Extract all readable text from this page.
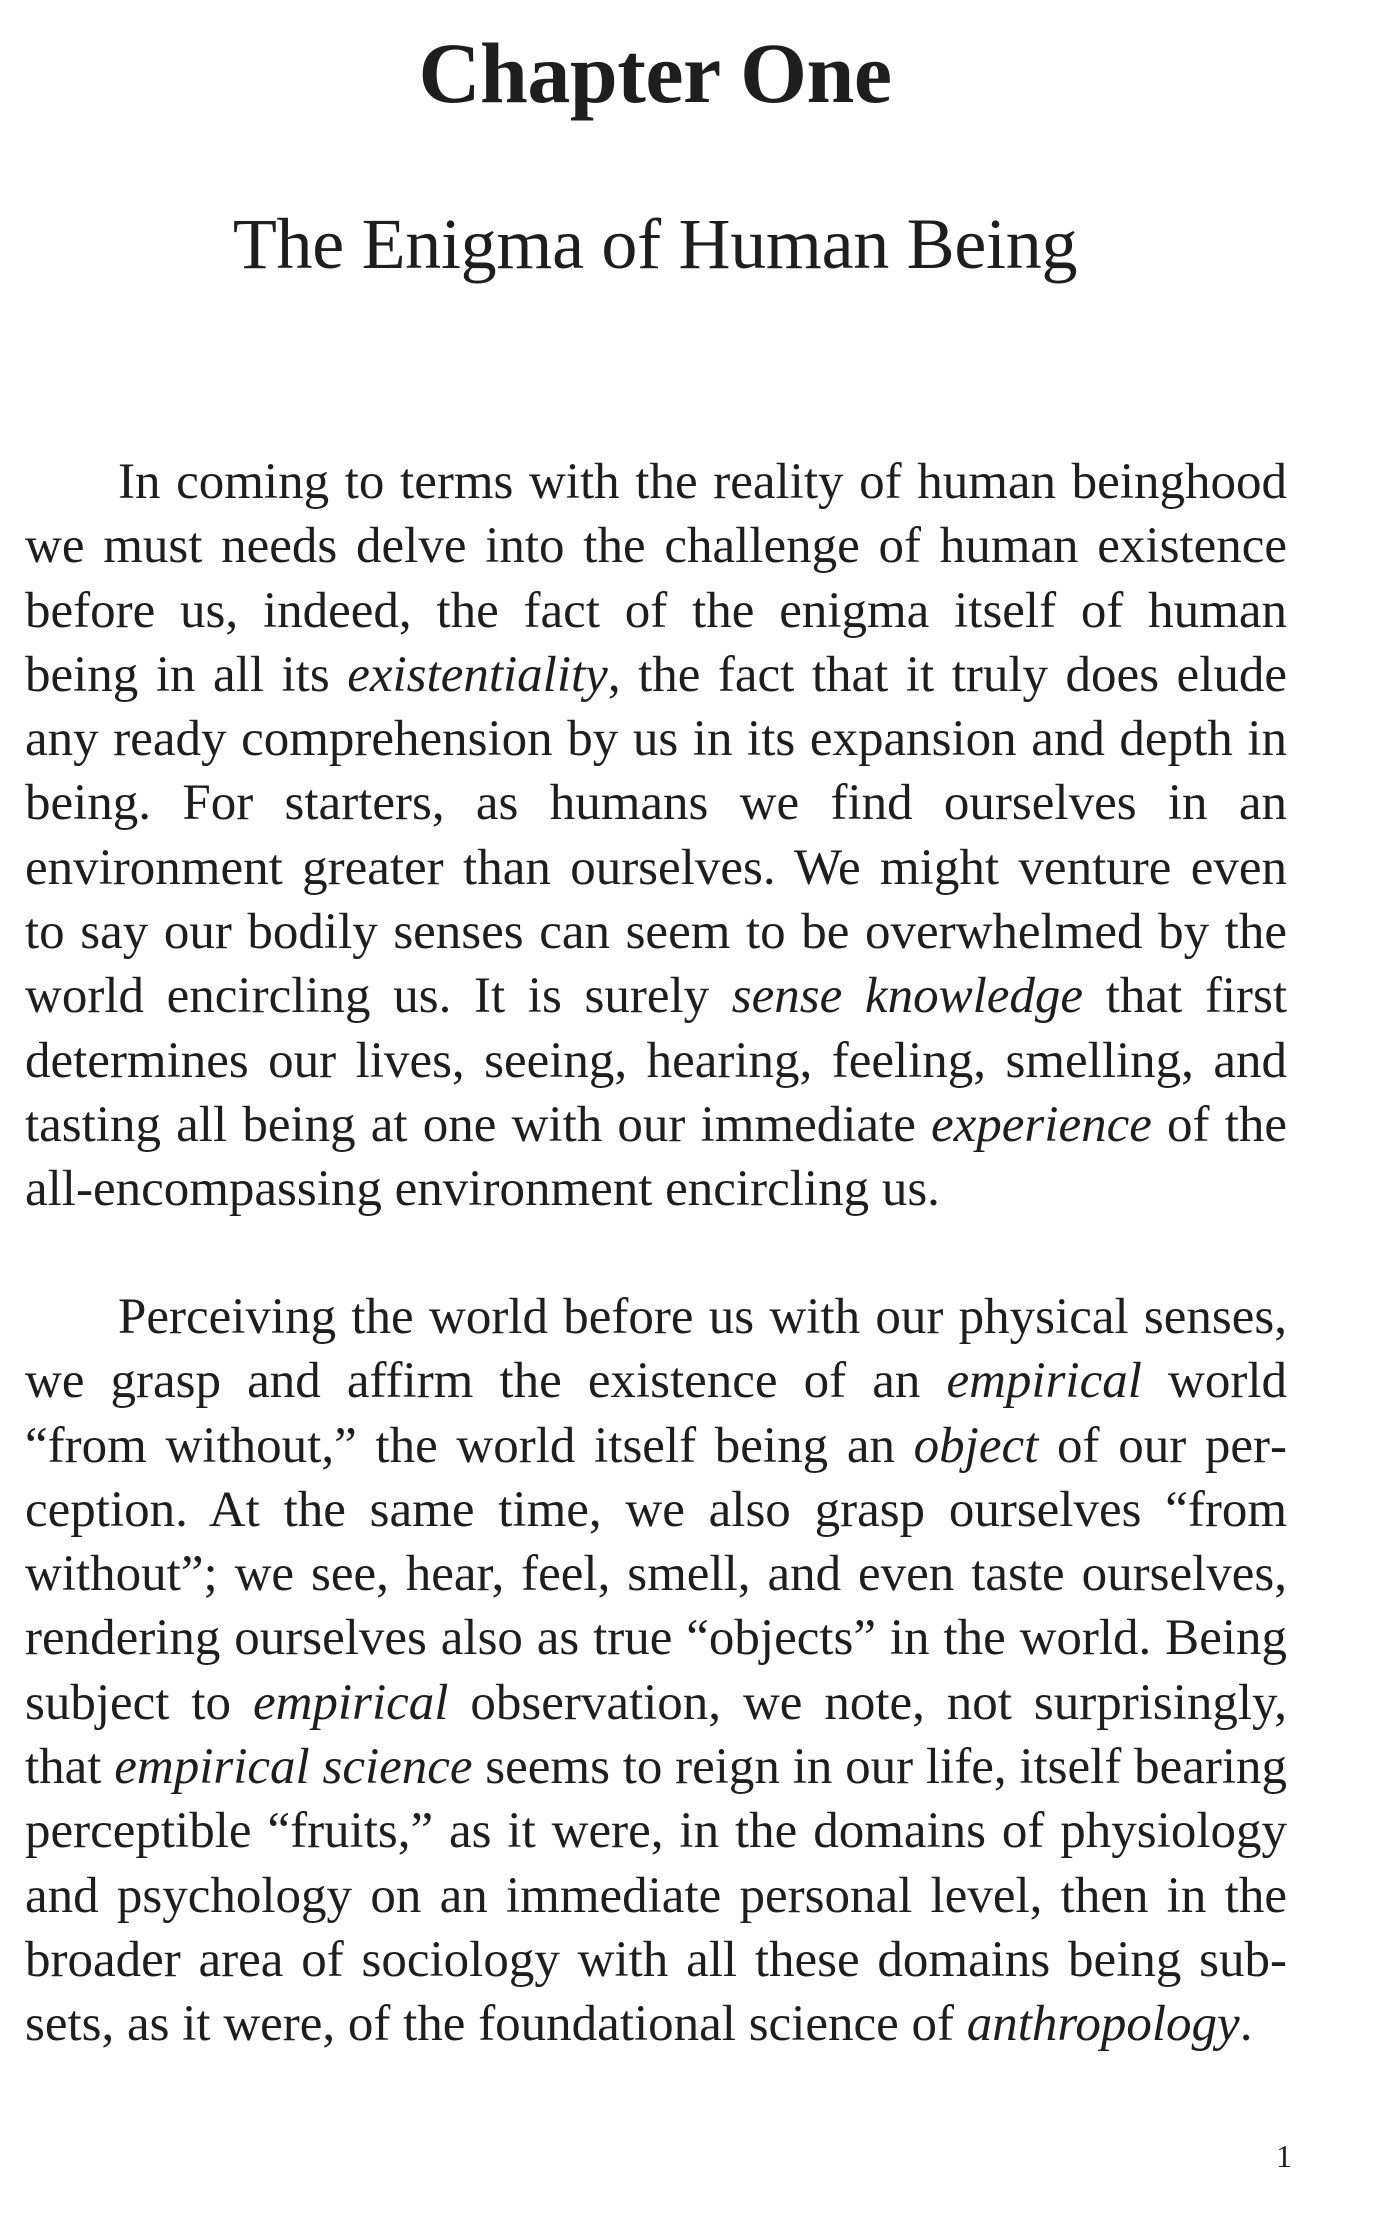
Chapter One
The Enigma of Human Being

In coming to terms with the reality of human beinghood we must needs delve into the challenge of human existence before us, indeed, the fact of the enigma itself of human being in all its existentiality, the fact that it truly does elude any ready comprehension by us in its expansion and depth in being. For starters, as humans we find ourselves in an environment greater than ourselves. We might venture even to say our bodily senses can seem to be overwhelmed by the world encircling us. It is surely sense knowledge that first determines our lives, seeing, hearing, feeling, smelling, and tasting all being at one with our immediate experience of the all-encompassing environment encircling us.

Perceiving the world before us with our physical senses, we grasp and affirm the existence of an empirical world “from without,” the world itself being an object of our perception. At the same time, we also grasp ourselves “from without”; we see, hear, feel, smell, and even taste ourselves, rendering ourselves also as true “objects” in the world. Being subject to empirical observation, we note, not surprisingly, that empirical science seems to reign in our life, itself bearing perceptible “fruits,” as it were, in the domains of physiology and psychology on an immediate personal level, then in the broader area of sociology with all these domains being subsets, as it were, of the foundational science of anthropology.

1
